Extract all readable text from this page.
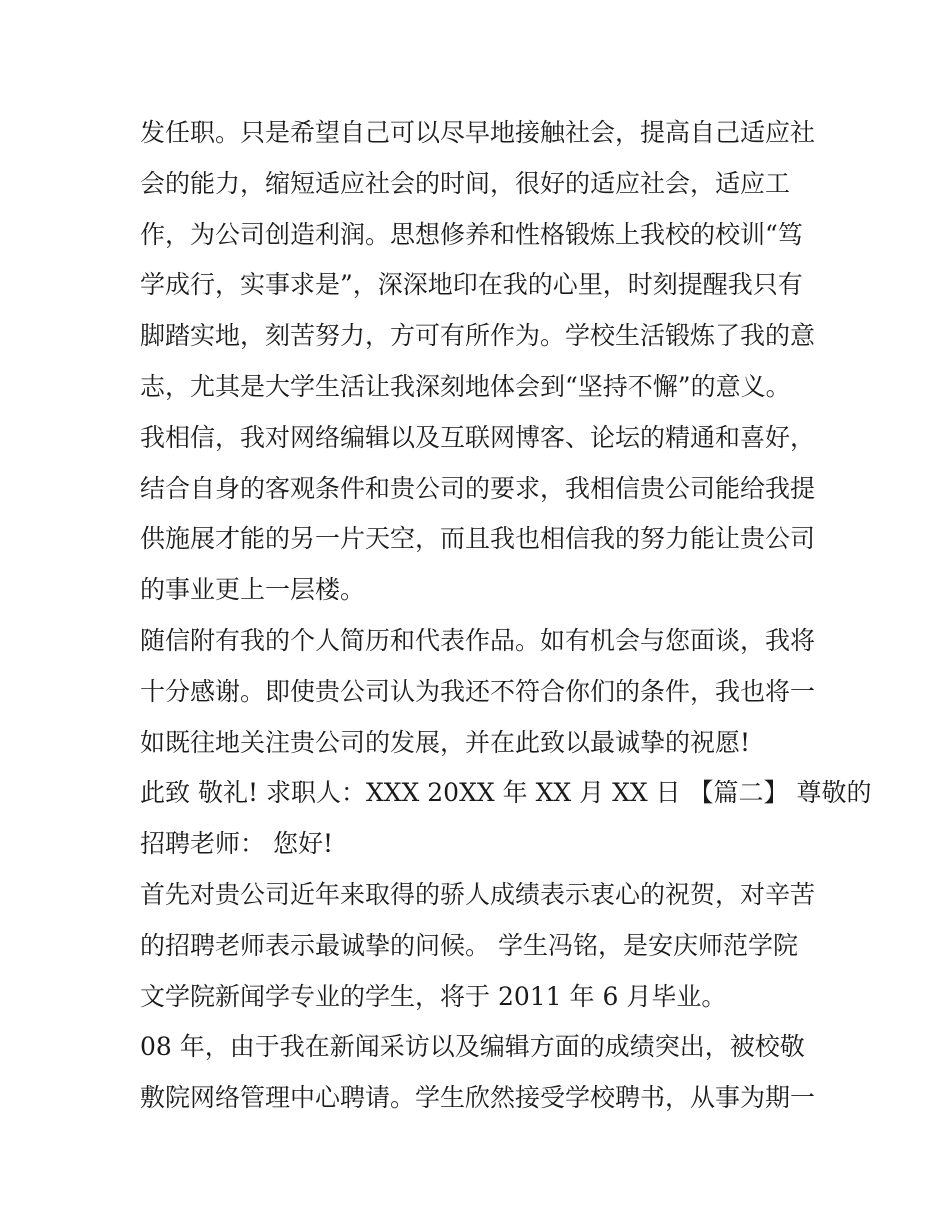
发任职。只是希望自己可以尽早地接触社会，提高自己适应社
会的能力，缩短适应社会的时间，很好的适应社会，适应工
作，为公司创造利润。思想修养和性格锻炼上我校的校训“笃
学成行，实事求是”，深深地印在我的心里，时刻提醒我只有
脚踏实地，刻苦努力，方可有所作为。学校生活锻炼了我的意
志，尤其是大学生活让我深刻地体会到“坚持不懈”的意义。
我相信，我对网络编辑以及互联网博客、论坛的精通和喜好，
结合自身的客观条件和贵公司的要求，我相信贵公司能给我提
供施展才能的另一片天空，而且我也相信我的努力能让贵公司
的事业更上一层楼。
随信附有我的个人简历和代表作品。如有机会与您面谈，我将
十分感谢。即使贵公司认为我还不符合你们的条件，我也将一
如既往地关注贵公司的发展，并在此致以最诚挚的祝愿!
此致 敬礼! 求职人：XXX 20XX 年 XX 月 XX 日 【篇二】 尊敬的
招聘老师： 您好!
首先对贵公司近年来取得的骄人成绩表示衷心的祝贺，对辛苦
的招聘老师表示最诚挚的问候。 学生冯铭，是安庆师范学院
文学院新闻学专业的学生，将于 2011 年 6 月毕业。
08 年，由于我在新闻采访以及编辑方面的成绩突出，被校敬
敷院网络管理中心聘请。学生欣然接受学校聘书，从事为期一
